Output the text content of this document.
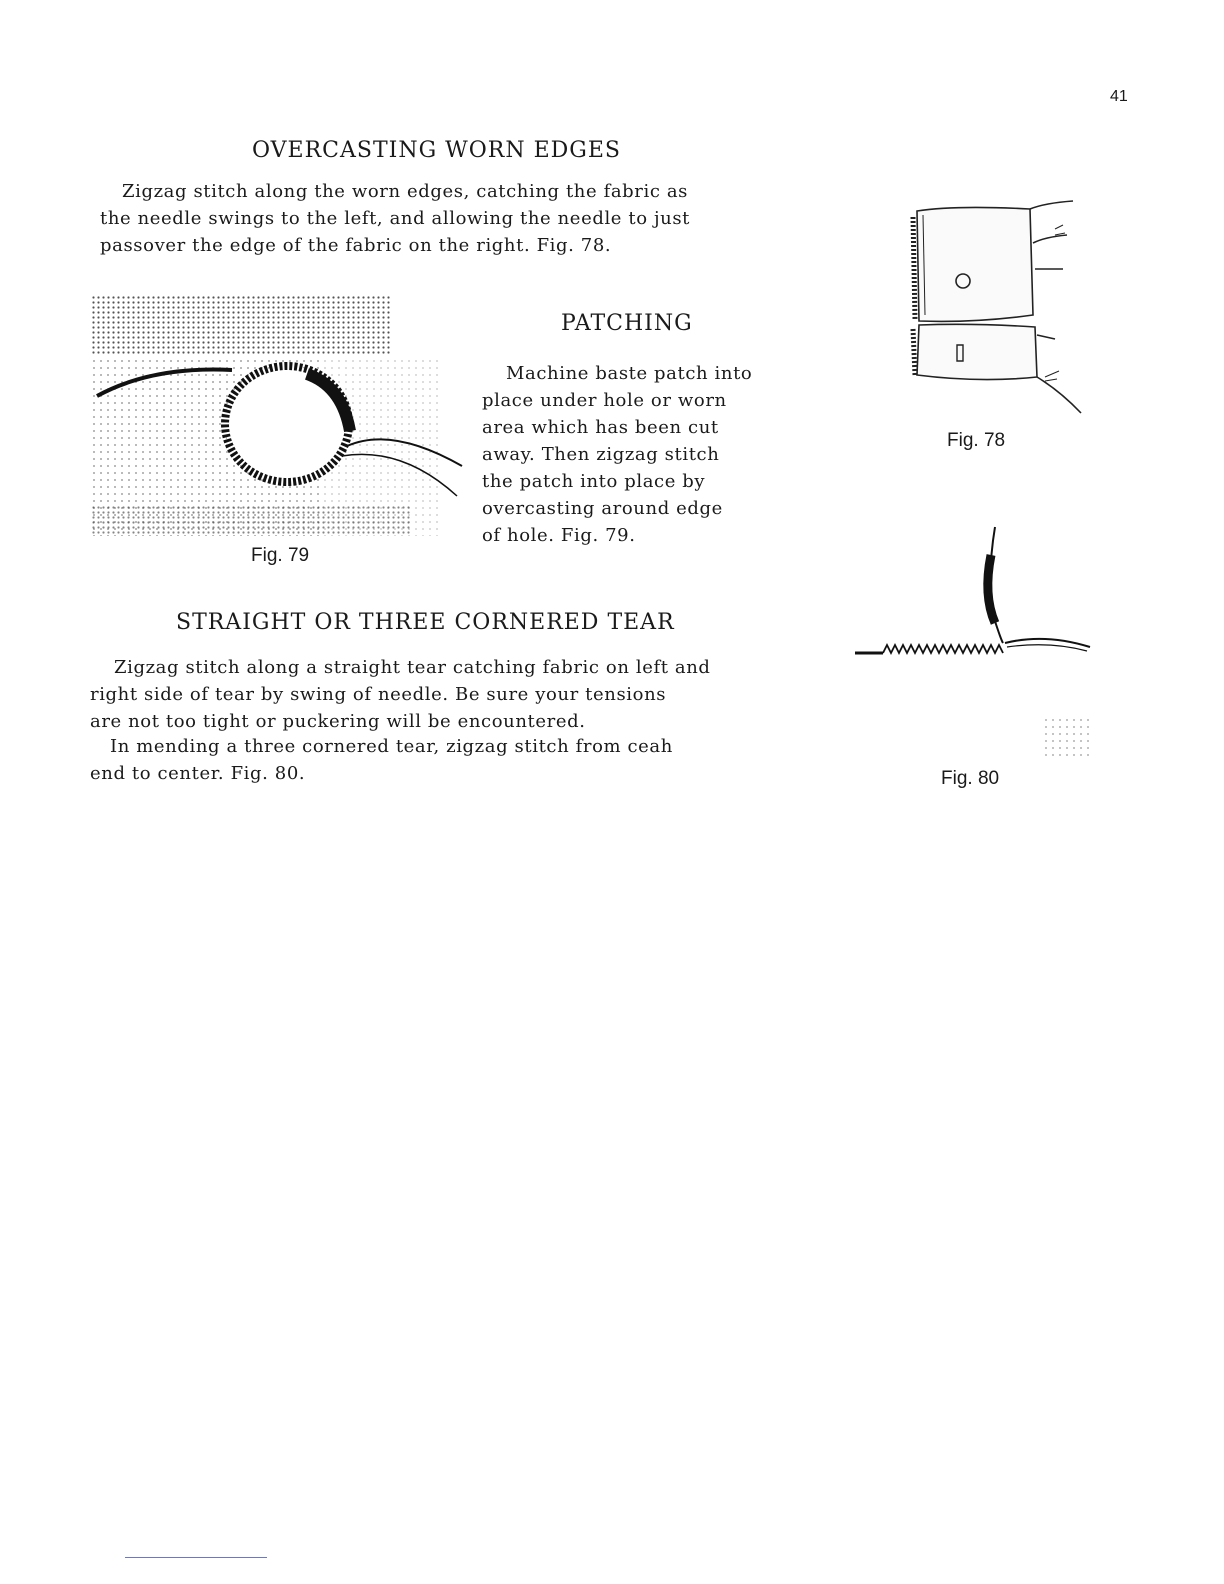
41
OVERCASTING WORN EDGES
Zigzag stitch along the worn edges, catching the fabric as
the needle swings to the left, and allowing the needle to just
passover the edge of the fabric on the right. Fig. 78.
Fig. 78
Fig. 79
PATCHING
Machine baste patch into
place under hole or worn
area which has been cut
away. Then zigzag stitch
the patch into place by
overcasting around edge
of hole. Fig. 79.
Fig. 80
STRAIGHT OR THREE CORNERED TEAR
Zigzag stitch along a straight tear catching fabric on left and
right side of tear by swing of needle. Be sure your tensions
are not too tight or puckering will be encountered.
In mending a three cornered tear, zigzag stitch from ceah
end to center. Fig. 80.
